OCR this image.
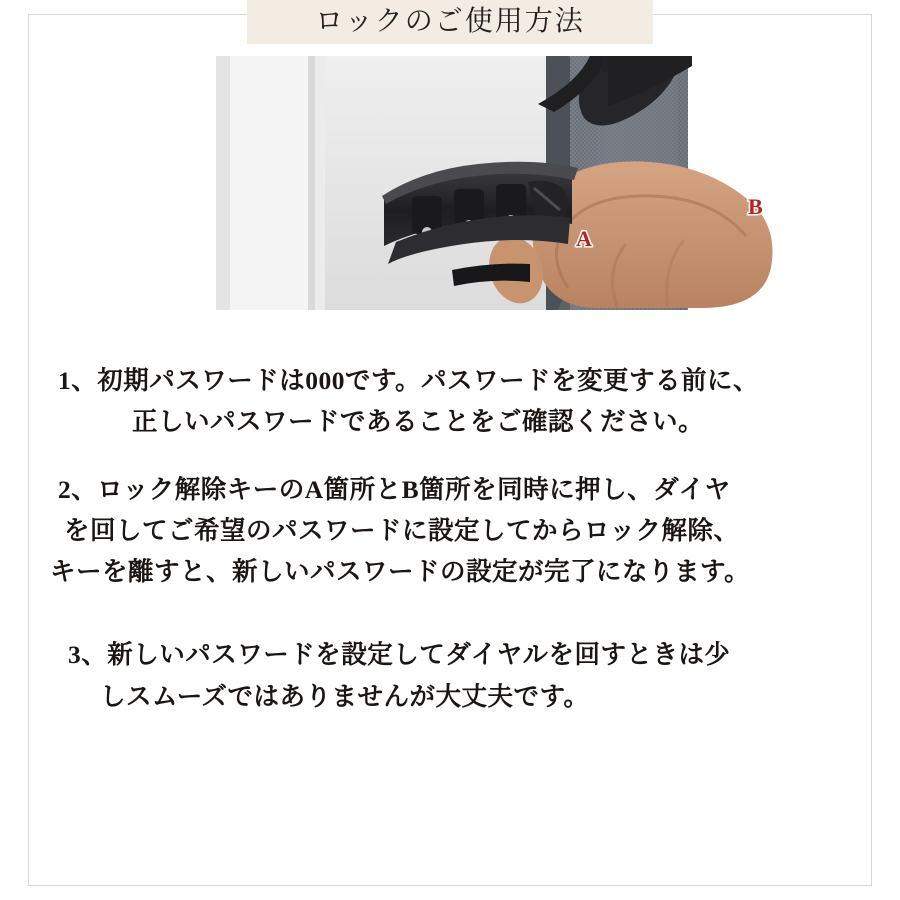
ロックのご使用方法
A
B
1、初期パスワードは000です。パスワードを変更する前に、
正しいパスワードであることをご確認ください。
2、ロック解除キーのA箇所とB箇所を同時に押し、ダイヤ
を回してご希望のパスワードに設定してからロック解除、
キーを離すと、新しいパスワードの設定が完了になります。
3、新しいパスワードを設定してダイヤルを回すときは少
しスムーズではありませんが大丈夫です。
